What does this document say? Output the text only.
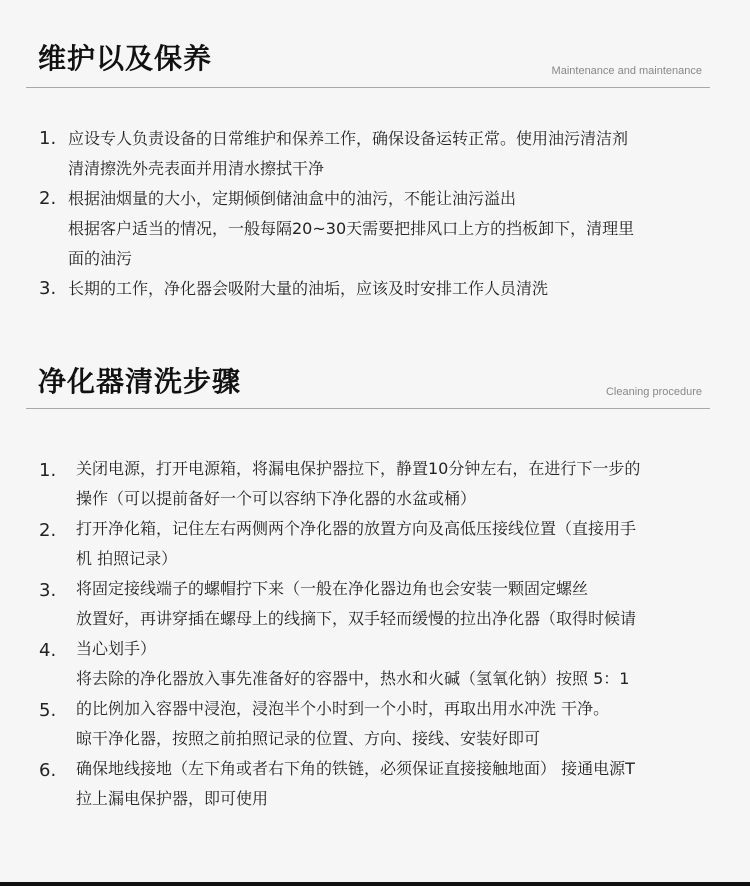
维护以及保养	Maintenance and maintenance
1. 应设专人负责设备的日常维护和保养工作，确保设备运转正常。使用油污清洁剂
清清擦洗外壳表面并用清水擦拭干净
2. 根据油烟量的大小，定期倾倒储油盒中的油污，不能让油污溢出
根据客户适当的情况，一般每隔20~30天需要把排风口上方的挡板卸下，清理里
面的油污
3. 长期的工作，净化器会吸附大量的油垢，应该及时安排工作人员清洗
净化器清洗步骤	Cleaning procedure
关闭电源，打开电源箱，将漏电保护器拉下，静置10分钟左右，在进行下一步的
操作（可以提前备好一个可以容纳下净化器的水盆或桶）
打开净化箱，记住左右两侧两个净化器的放置方向及高低压接线位置（直接用手
机 拍照记录）
将固定接线端子的螺帽拧下来（一般在净化器边角也会安装一颗固定螺丝
放置好，再讲穿插在螺母上的线摘下，双手轻而缓慢的拉出净化器（取得时候请
当心划手）
将去除的净化器放入事先准备好的容器中，热水和火碱（氢氧化钠）按照 5：1
的比例加入容器中浸泡，浸泡半个小时到一个小时，再取出用水冲洗 干净。
晾干净化器，按照之前拍照记录的位置、方向、接线、安装好即可
确保地线接地（左下角或者右下角的铁链，必须保证直接接触地面） 接通电源T
拉上漏电保护器，即可使用
1.
2.
3.
4.
5.
6.
